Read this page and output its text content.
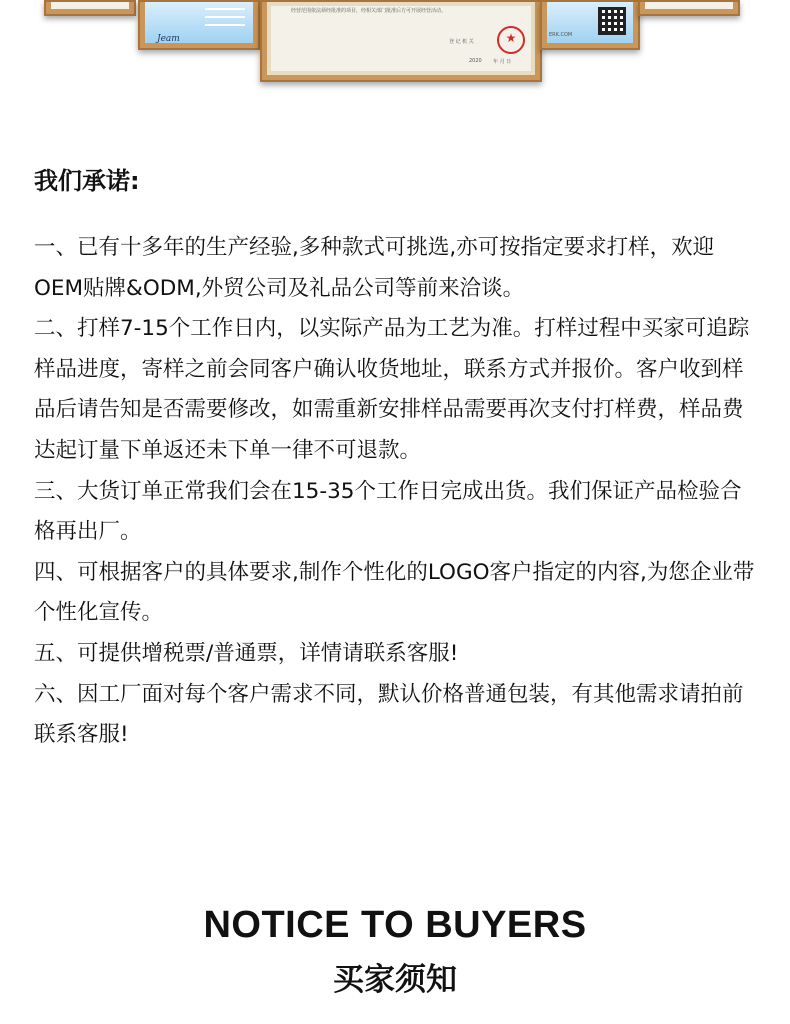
Jeam
经营范围依法须经批准的项目，经相关部门批准后方可开展经营活动。
登 记 机 关
2020 年 月 日
★	ERK.COM
我们承诺:

一、已有十多年的生产经验,多种款式可挑选,亦可按指定要求打样，欢迎OEM贴牌&ODM,外贸公司及礼品公司等前来洽谈。

二、打样7-15个工作日内，以实际产品为工艺为准。打样过程中买家可追踪样品进度，寄样之前会同客户确认收货地址，联系方式并报价。客户收到样品后请告知是否需要修改，如需重新安排样品需要再次支付打样费，样品费达起订量下单返还未下单一律不可退款。

三、大货订单正常我们会在15-35个工作日完成出货。我们保证产品检验合格再出厂。

四、可根据客户的具体要求,制作个性化的LOGO客户指定的内容,为您企业带个性化宣传。

五、可提供增税票/普通票，详情请联系客服!

六、因工厂面对每个客户需求不同，默认价格普通包装，有其他需求请拍前联系客服!

NOTICE TO BUYERS
买家须知
